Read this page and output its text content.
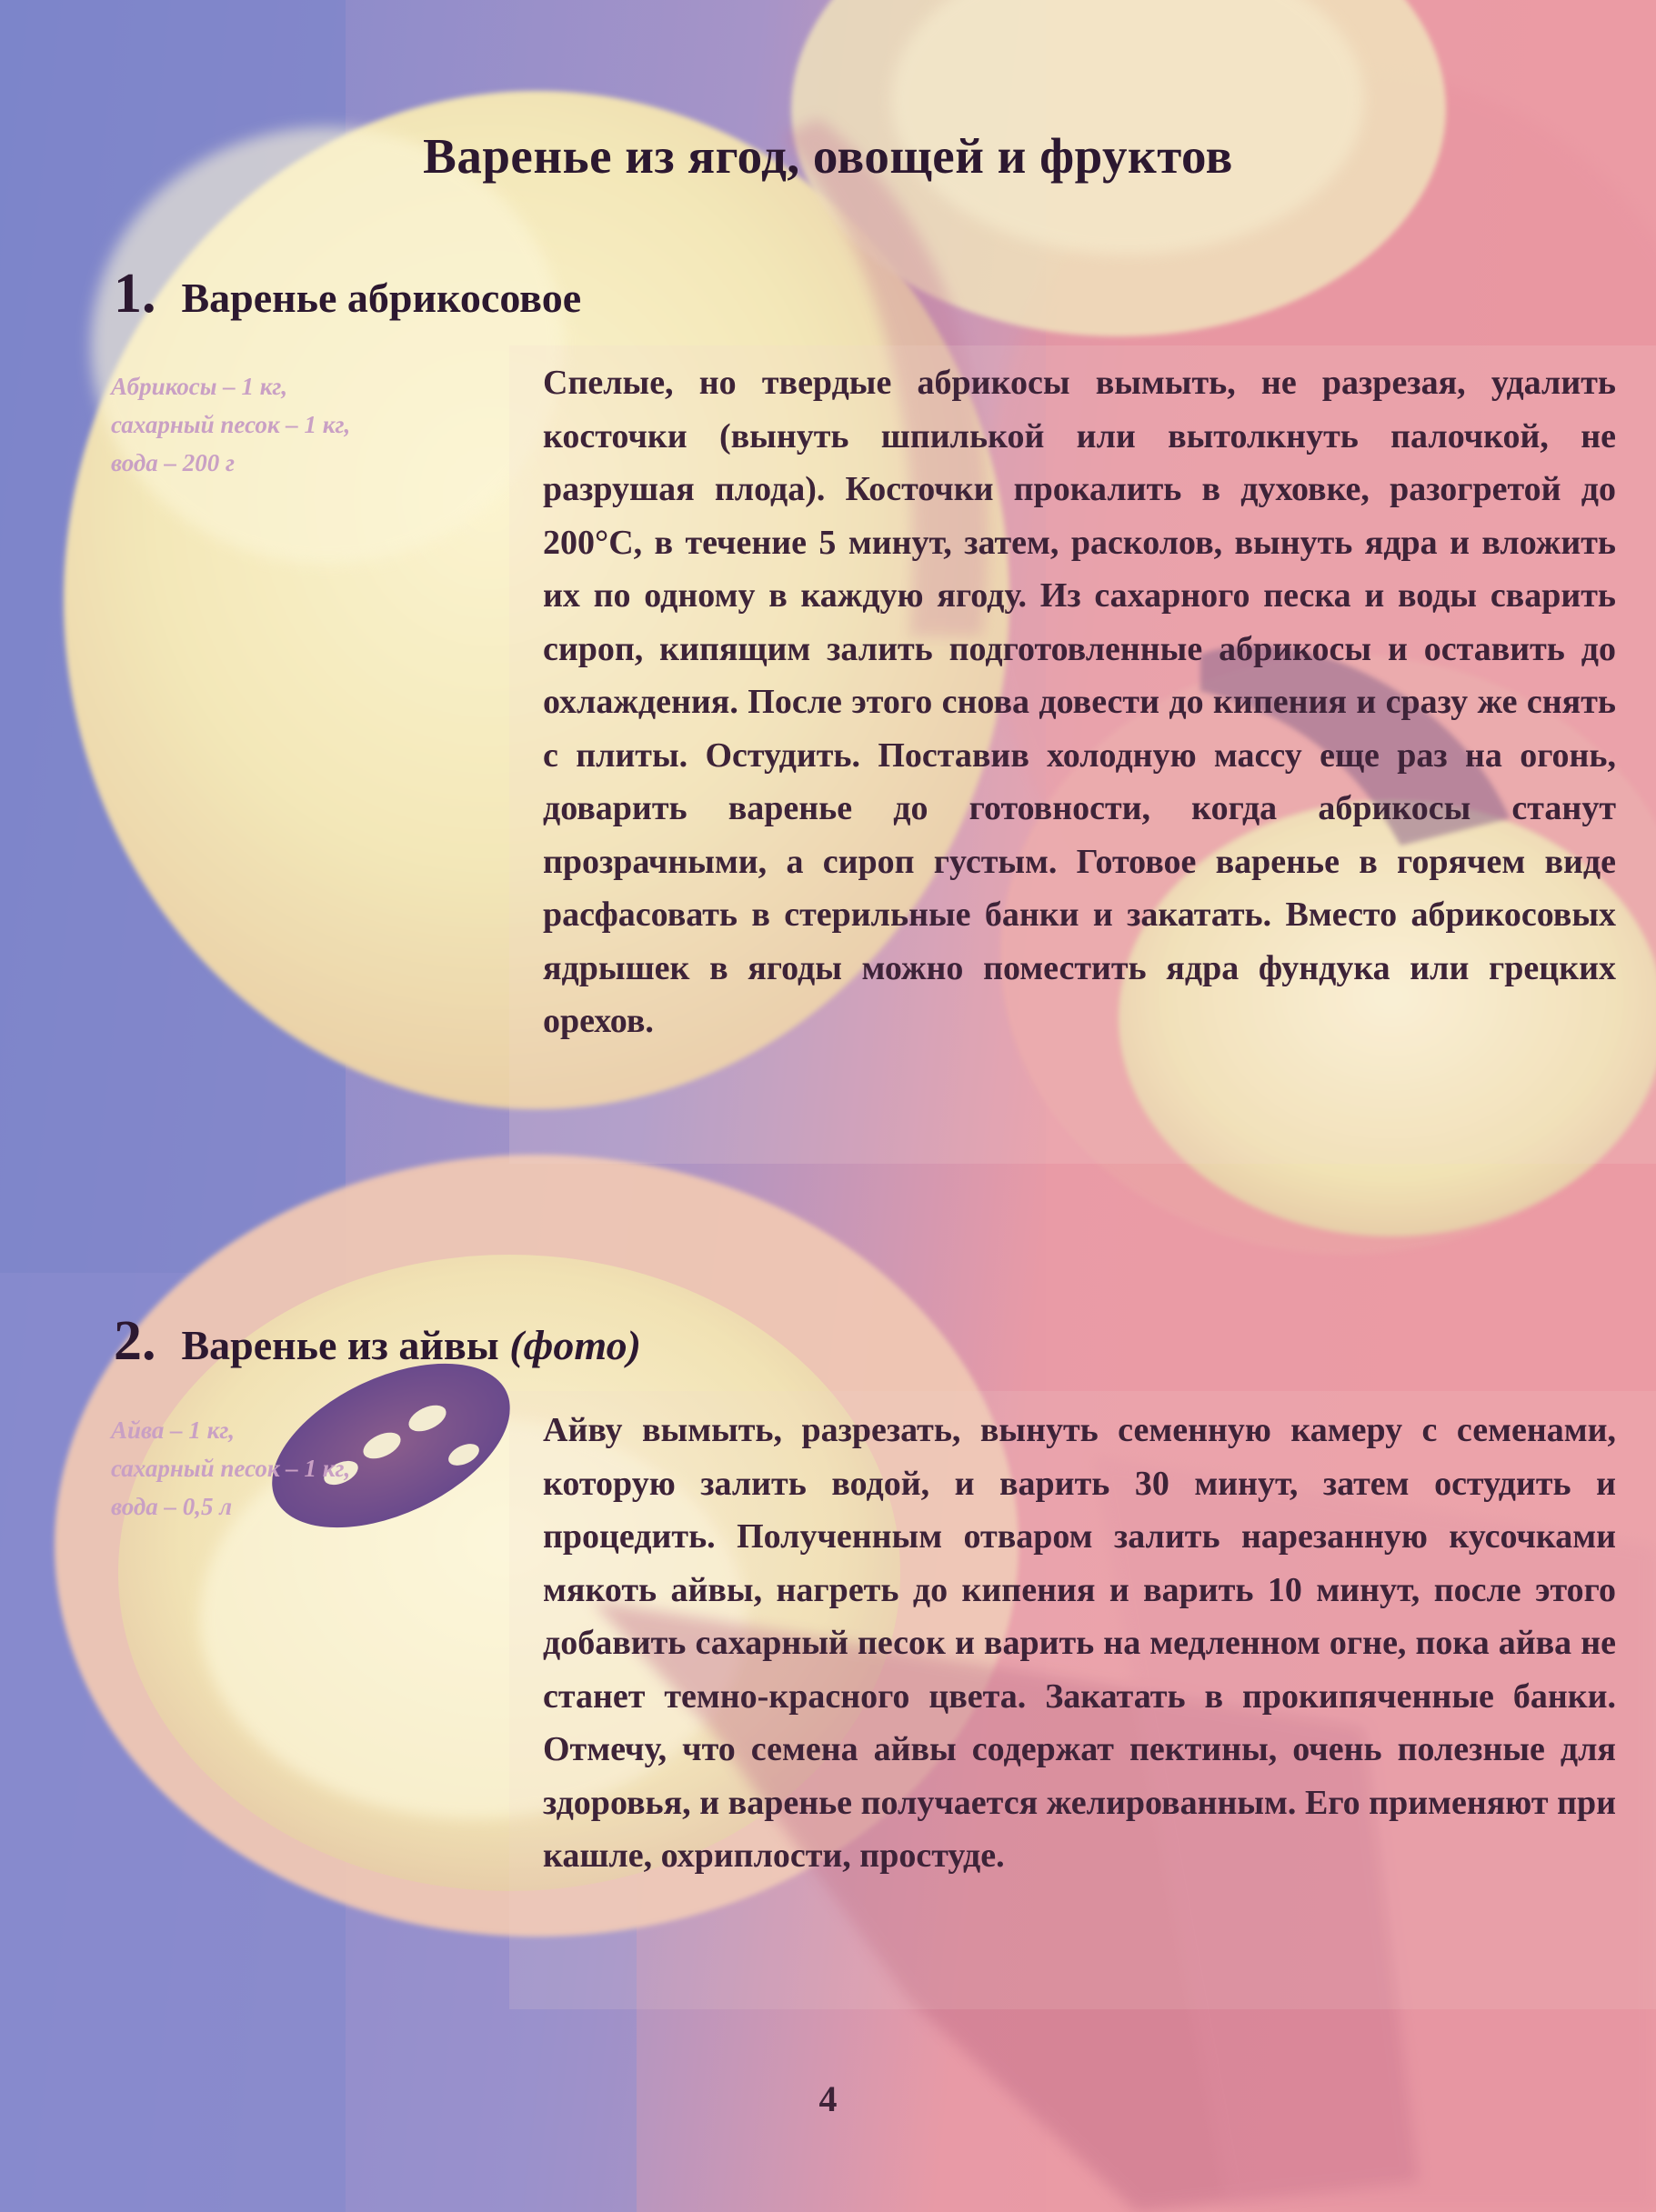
Варенье из ягод, овощей и фруктов
1. Варенье абрикосовое
Абрикосы – 1 кг,
сахарный песок – 1 кг,
вода – 200 г
Спелые, но твердые абрикосы вымыть, не разрезая, удалить косточки (вынуть шпилькой или вытолкнуть палочкой, не разрушая плода). Косточки прокалить в духовке, разогретой до 200°С, в течение 5 минут, затем, расколов, вынуть ядра и вложить их по одному в каждую ягоду. Из сахарного песка и воды сварить сироп, кипящим залить подготовленные абрикосы и оставить до охлаждения. После этого снова довести до кипения и сразу же снять с плиты. Остудить. Поставив холодную массу еще раз на огонь, доварить варенье до готовности, когда абрикосы станут прозрачными, а сироп густым. Готовое варенье в горячем виде расфасовать в стерильные банки и закатать. Вместо абрикосовых ядрышек в ягоды можно поместить ядра фундука или грецких орехов.
2. Варенье из айвы (фото)
Айва – 1 кг,
сахарный песок – 1 кг,
вода – 0,5 л
Айву вымыть, разрезать, вынуть семенную камеру с семенами, которую залить водой, и варить 30 минут, затем остудить и процедить. Полученным отваром залить нарезанную кусочками мякоть айвы, нагреть до кипения и варить 10 минут, после этого добавить сахарный песок и варить на медленном огне, пока айва не станет темно-красного цвета. Закатать в прокипяченные банки. Отмечу, что семена айвы содержат пектины, очень полезные для здоровья, и варенье получается желированным. Его применяют при кашле, охриплости, простуде.
4
